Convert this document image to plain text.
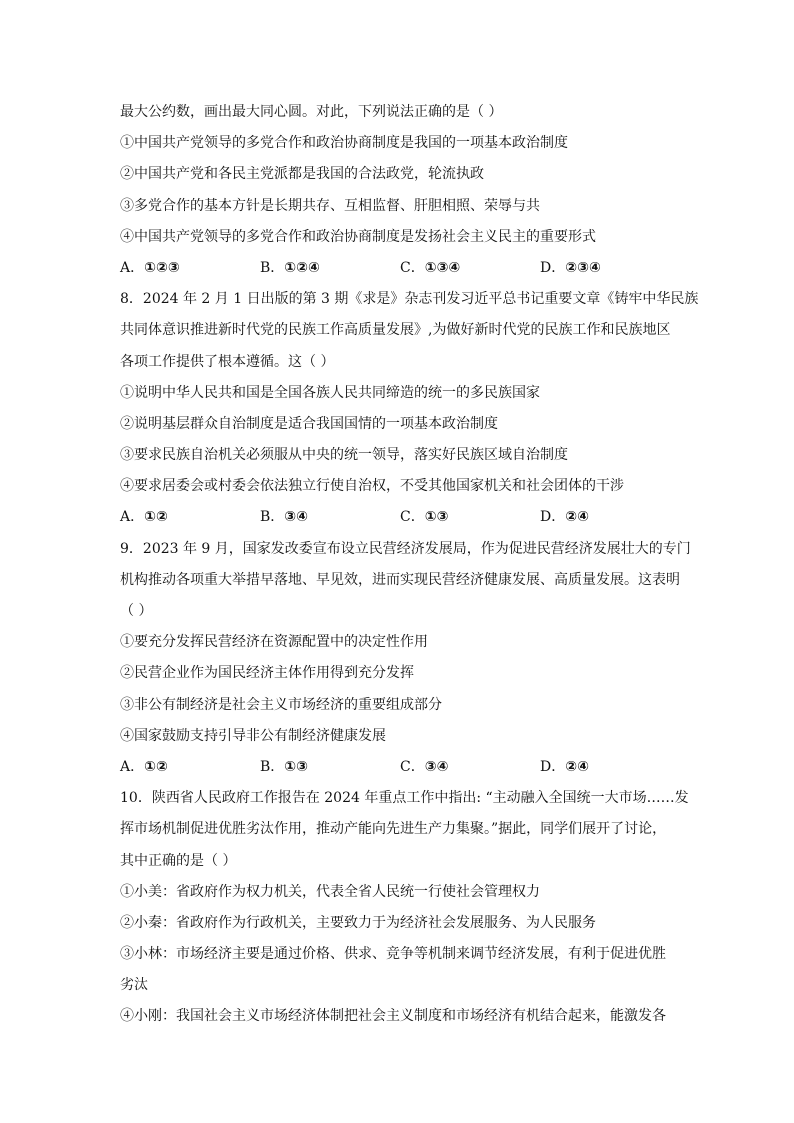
最大公约数，画出最大同心圆。对此，下列说法正确的是（ ）
①中国共产党领导的多党合作和政治协商制度是我国的一项基本政治制度
②中国共产党和各民主党派都是我国的合法政党，轮流执政
③多党合作的基本方针是长期共存、互相监督、肝胆相照、荣辱与共
④中国共产党领导的多党合作和政治协商制度是发扬社会主义民主的重要形式
A．①②③	B．①②④	C．①③④	D．②③④
8．2024 年 2 月 1 日出版的第 3 期《求是》杂志刊发习近平总书记重要文章《铸牢中华民族
共同体意识推进新时代党的民族工作高质量发展》,为做好新时代党的民族工作和民族地区
各项工作提供了根本遵循。这（ ）
①说明中华人民共和国是全国各族人民共同缔造的统一的多民族国家
②说明基层群众自治制度是适合我国国情的一项基本政治制度
③要求民族自治机关必须服从中央的统一领导，落实好民族区域自治制度
④要求居委会或村委会依法独立行使自治权，不受其他国家机关和社会团体的干涉
A．①②	B．③④	C．①③	D．②④
9．2023 年 9 月，国家发改委宣布设立民营经济发展局，作为促进民营经济发展壮大的专门
机构推动各项重大举措早落地、早见效，进而实现民营经济健康发展、高质量发展。这表明
（ ）
①要充分发挥民营经济在资源配置中的决定性作用
②民营企业作为国民经济主体作用得到充分发挥
③非公有制经济是社会主义市场经济的重要组成部分
④国家鼓励支持引导非公有制经济健康发展
A．①②	B．①③	C．③④	D．②④
10．陕西省人民政府工作报告在 2024 年重点工作中指出: “主动融入全国统一大市场……发
挥市场机制促进优胜劣汰作用，推动产能向先进生产力集聚。”据此，同学们展开了讨论，
其中正确的是（ ）
①小美：省政府作为权力机关，代表全省人民统一行使社会管理权力
②小秦：省政府作为行政机关，主要致力于为经济社会发展服务、为人民服务
③小林：市场经济主要是通过价格、供求、竞争等机制来调节经济发展，有利于促进优胜
劣汰
④小刚：我国社会主义市场经济体制把社会主义制度和市场经济有机结合起来，能激发各
